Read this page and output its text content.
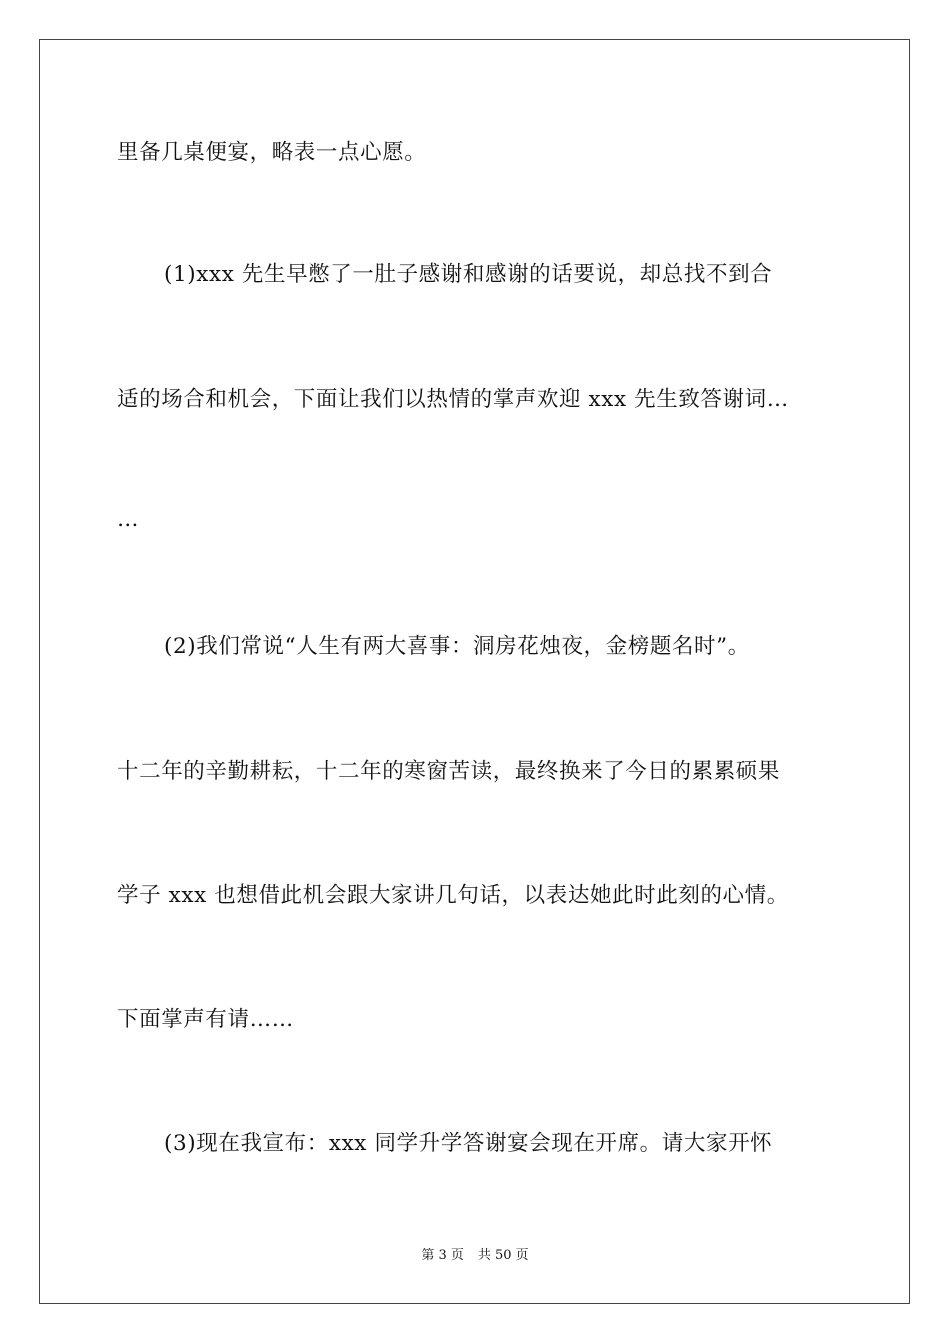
里备几桌便宴，略表一点心愿。
(1)xxx 先生早憋了一肚子感谢和感谢的话要说，却总找不到合
适的场合和机会，下面让我们以热情的掌声欢迎 xxx 先生致答谢词…
…
(2)我们常说“人生有两大喜事：洞房花烛夜，金榜题名时”。
十二年的辛勤耕耘，十二年的寒窗苦读，最终换来了今日的累累硕果
学子 xxx 也想借此机会跟大家讲几句话，以表达她此时此刻的心情。
下面掌声有请……
(3)现在我宣布：xxx 同学升学答谢宴会现在开席。请大家开怀
第 3 页 共 50 页
